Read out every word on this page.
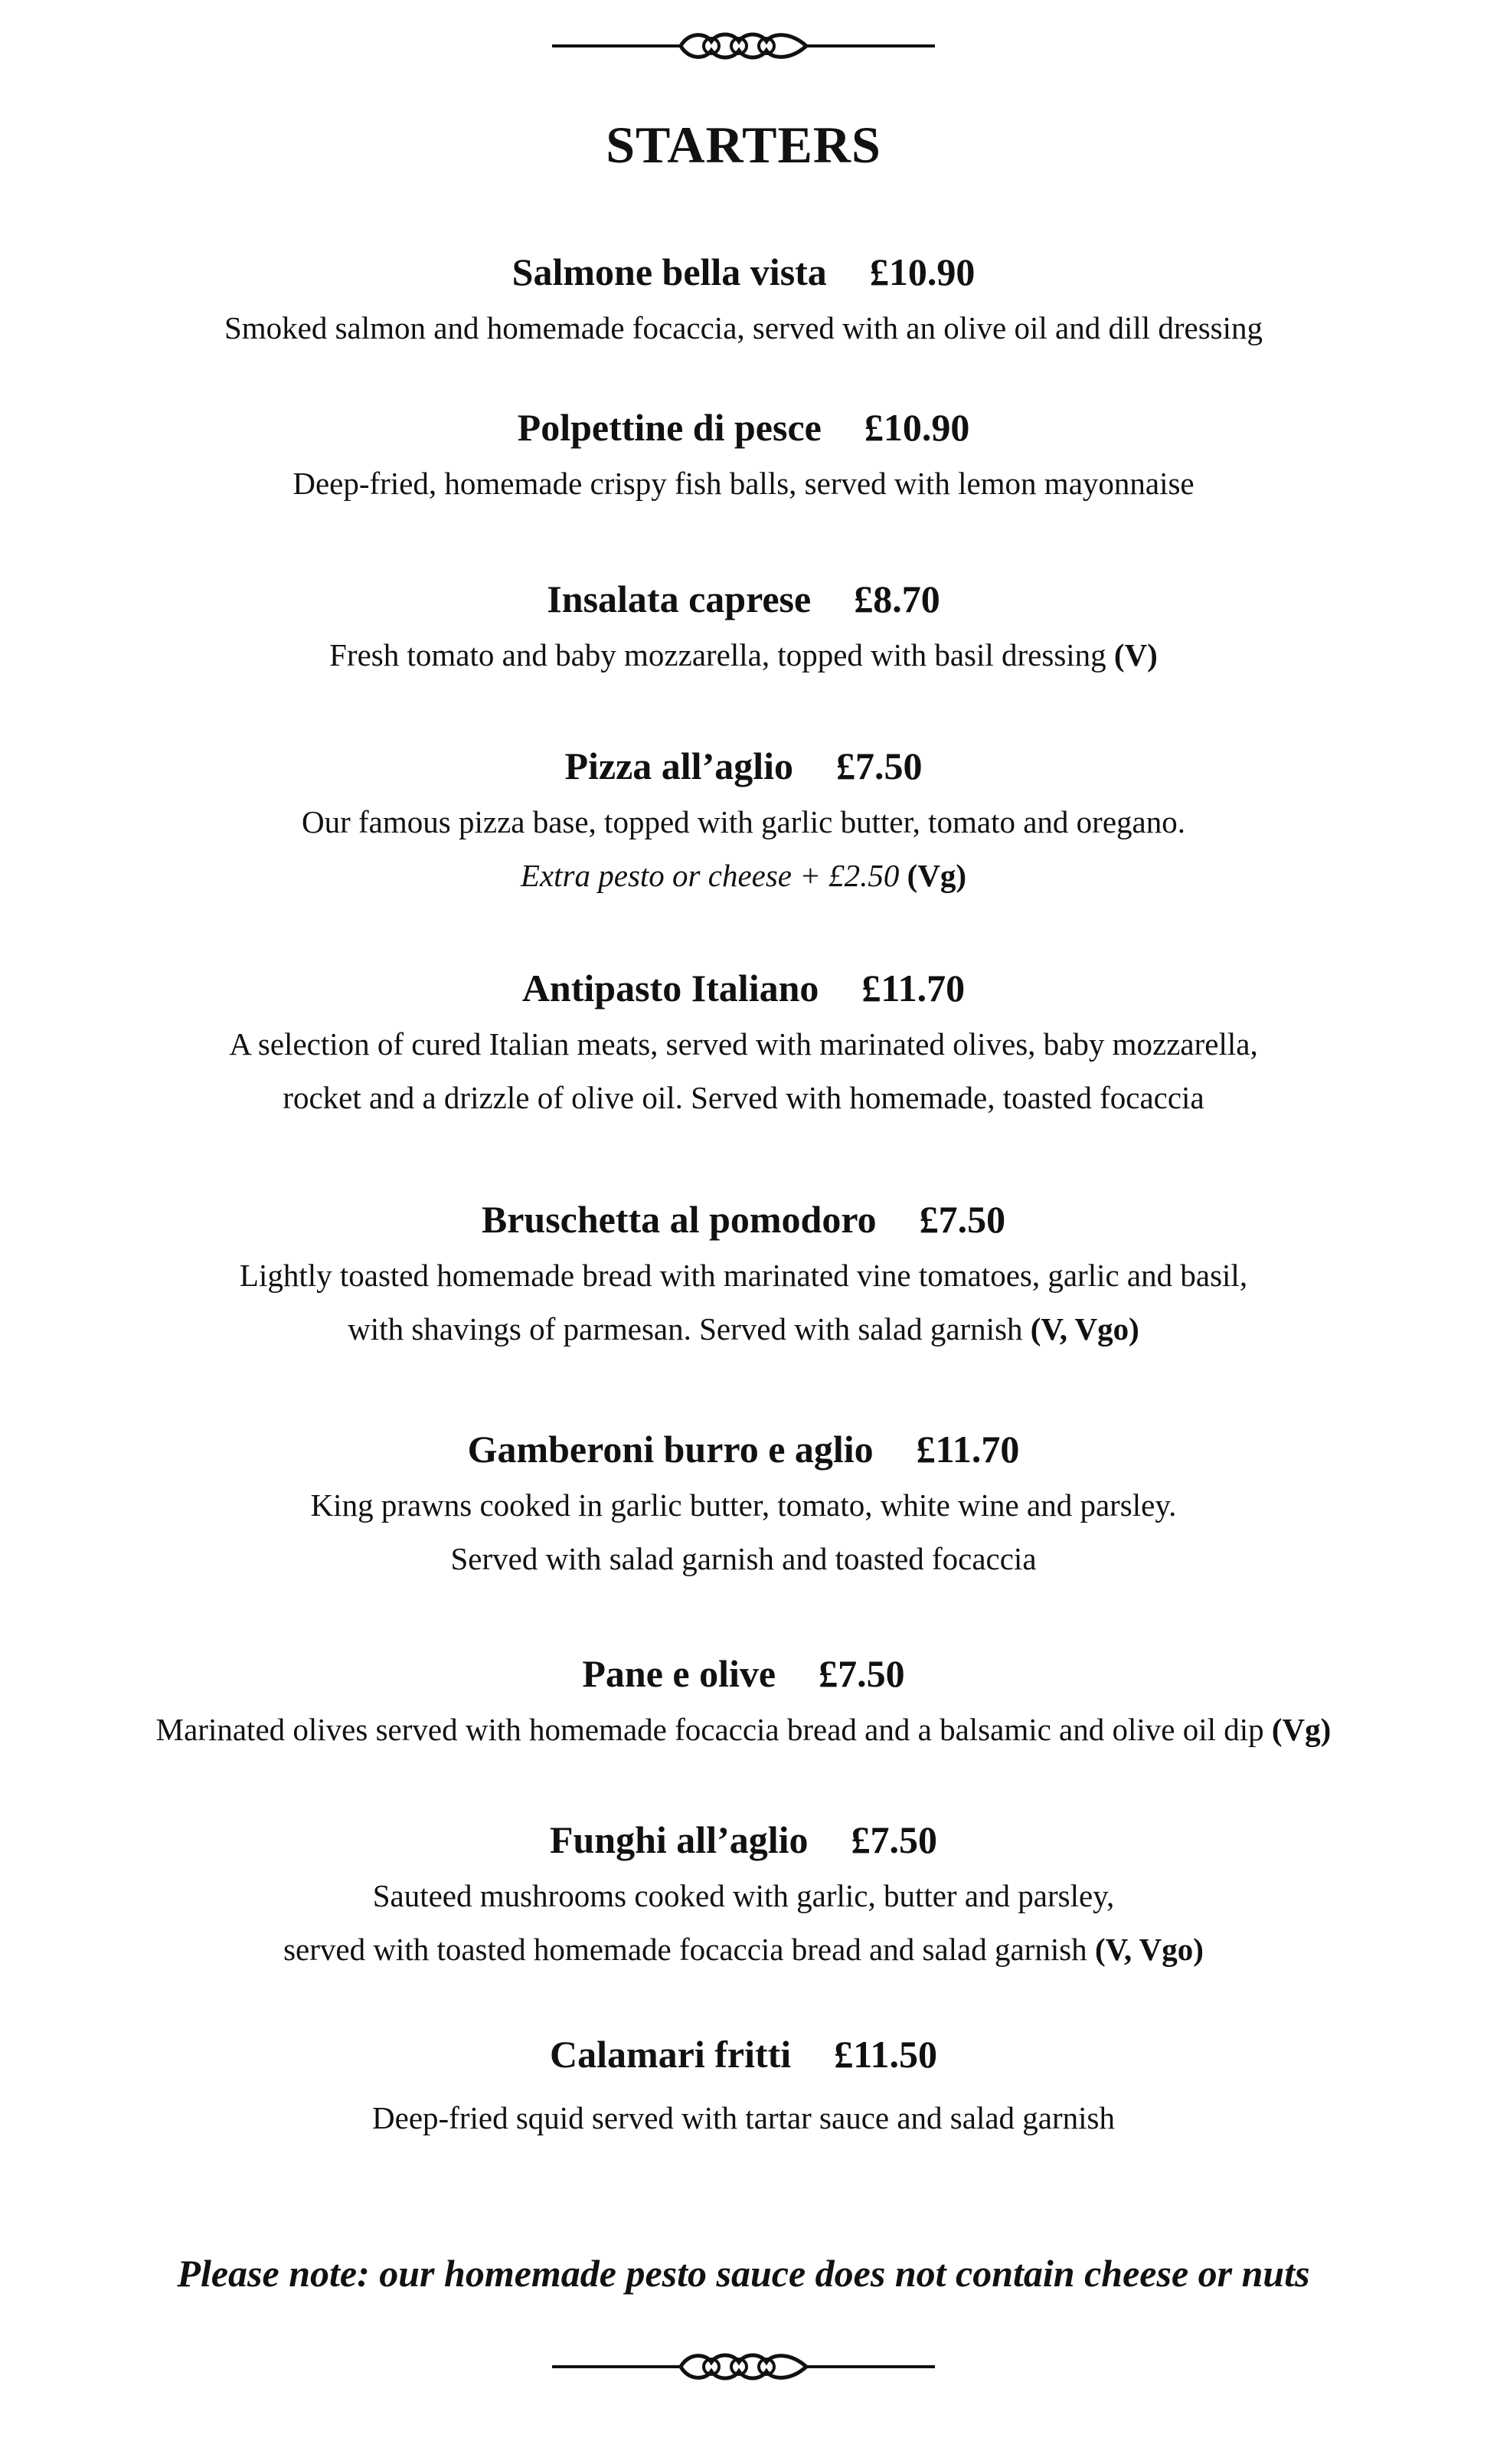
STARTERS
Salmone bella vista £10.90
Smoked salmon and homemade focaccia, served with an olive oil and dill dressing
Polpettine di pesce £10.90
Deep-fried, homemade crispy fish balls, served with lemon mayonnaise
Insalata caprese £8.70
Fresh tomato and baby mozzarella, topped with basil dressing (V)
Pizza all’aglio £7.50
Our famous pizza base, topped with garlic butter, tomato and oregano.
Extra pesto or cheese + £2.50 (Vg)
Antipasto Italiano £11.70
A selection of cured Italian meats, served with marinated olives, baby mozzarella,
rocket and a drizzle of olive oil. Served with homemade, toasted focaccia
Bruschetta al pomodoro £7.50
Lightly toasted homemade bread with marinated vine tomatoes, garlic and basil,
with shavings of parmesan. Served with salad garnish (V, Vgo)
Gamberoni burro e aglio £11.70
King prawns cooked in garlic butter, tomato, white wine and parsley.
Served with salad garnish and toasted focaccia
Pane e olive £7.50
Marinated olives served with homemade focaccia bread and a balsamic and olive oil dip (Vg)
Funghi all’aglio £7.50
Sauteed mushrooms cooked with garlic, butter and parsley,
served with toasted homemade focaccia bread and salad garnish (V, Vgo)
Calamari fritti £11.50
Deep-fried squid served with tartar sauce and salad garnish
Please note: our homemade pesto sauce does not contain cheese or nuts
